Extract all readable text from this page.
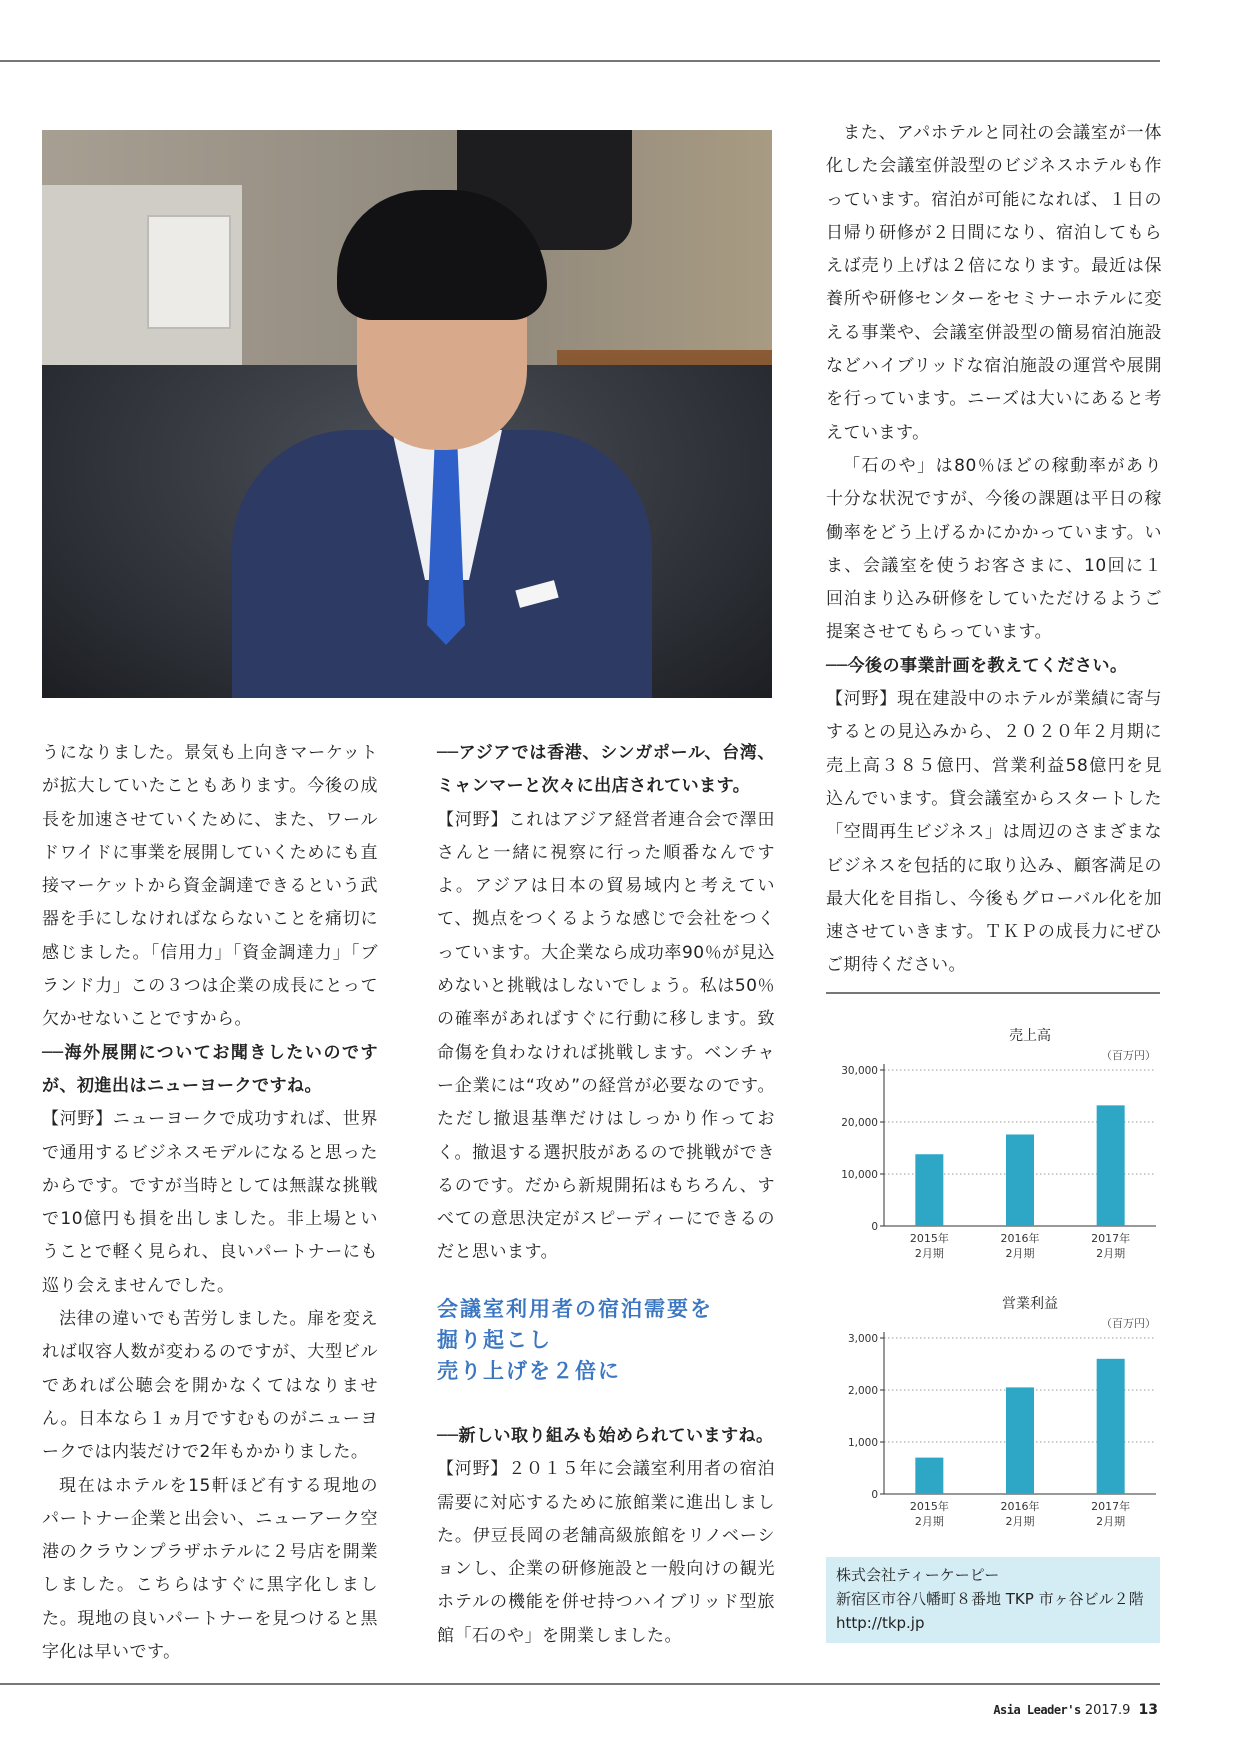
うになりました。景気も上向きマーケットが拡大していたこともあります。今後の成長を加速させていくために、また、ワールドワイドに事業を展開していくためにも直接マーケットから資金調達できるという武器を手にしなければならないことを痛切に感じました。「信用力」「資金調達力」「ブランド力」この３つは企業の成長にとって欠かせないことですから。

──海外展開についてお聞きしたいのですが、初進出はニューヨークですね。

【河野】ニューヨークで成功すれば、世界で通用するビジネスモデルになると思ったからです。ですが当時としては無謀な挑戦で10億円も損を出しました。非上場ということで軽く見られ、良いパートナーにも巡り会えませんでした。

法律の違いでも苦労しました。扉を変えれば収容人数が変わるのですが、大型ビルであれば公聴会を開かなくてはなりません。日本なら１ヵ月ですむものがニューヨークでは内装だけで2年もかかりました。

現在はホテルを15軒ほど有する現地のパートナー企業と出会い、ニューアーク空港のクラウンプラザホテルに２号店を開業しました。こちらはすぐに黒字化しました。現地の良いパートナーを見つけると黒字化は早いです。

──アジアでは香港、シンガポール、台湾、ミャンマーと次々に出店されています。

【河野】これはアジア経営者連合会で澤田さんと一緒に視察に行った順番なんですよ。アジアは日本の貿易域内と考えていて、拠点をつくるような感じで会社をつくっています。大企業なら成功率90％が見込めないと挑戦はしないでしょう。私は50％の確率があればすぐに行動に移します。致命傷を負わなければ挑戦します。ベンチャー企業には“攻め”の経営が必要なのです。ただし撤退基準だけはしっかり作っておく。撤退する選択肢があるので挑戦ができるのです。だから新規開拓はもちろん、すべての意思決定がスピーディーにできるのだと思います。

会議室利用者の宿泊需要を
掘り起こし
売り上げを２倍に

──新しい取り組みも始められていますね。

【河野】２０１５年に会議室利用者の宿泊需要に対応するために旅館業に進出しました。伊豆長岡の老舗高級旅館をリノベーションし、企業の研修施設と一般向けの観光ホテルの機能を併せ持つハイブリッド型旅館「石のや」を開業しました。

また、アパホテルと同社の会議室が一体化した会議室併設型のビジネスホテルも作っています。宿泊が可能になれば、１日の日帰り研修が２日間になり、宿泊してもらえば売り上げは２倍になります。最近は保養所や研修センターをセミナーホテルに変える事業や、会議室併設型の簡易宿泊施設などハイブリッドな宿泊施設の運営や展開を行っています。ニーズは大いにあると考えています。

「石のや」は80％ほどの稼動率があり十分な状況ですが、今後の課題は平日の稼働率をどう上げるかにかかっています。いま、会議室を使うお客さまに、10回に１回泊まり込み研修をしていただけるようご提案させてもらっています。

──今後の事業計画を教えてください。

【河野】現在建設中のホテルが業績に寄与するとの見込みから、２０２０年２月期に売上高３８５億円、営業利益58億円を見込んでいます。貸会議室からスタートした「空間再生ビジネス」は周辺のさまざまなビジネスを包括的に取り込み、顧客満足の最大化を目指し、今後もグローバル化を加速させていきます。ＴＫＰの成長力にぜひご期待ください。

売上高
（百万円）
0
10,000
20,000
30,000
2015年
2月期
2016年
2月期
2017年
2月期
営業利益
（百万円）
0
1,000
2,000
3,000
2015年
2月期
2016年
2月期
2017年
2月期
株式会社ティーケーピー
新宿区市谷八幡町８番地 TKP 市ヶ谷ビル２階
http://tkp.jp
Asia Leader's 2017.9 13
